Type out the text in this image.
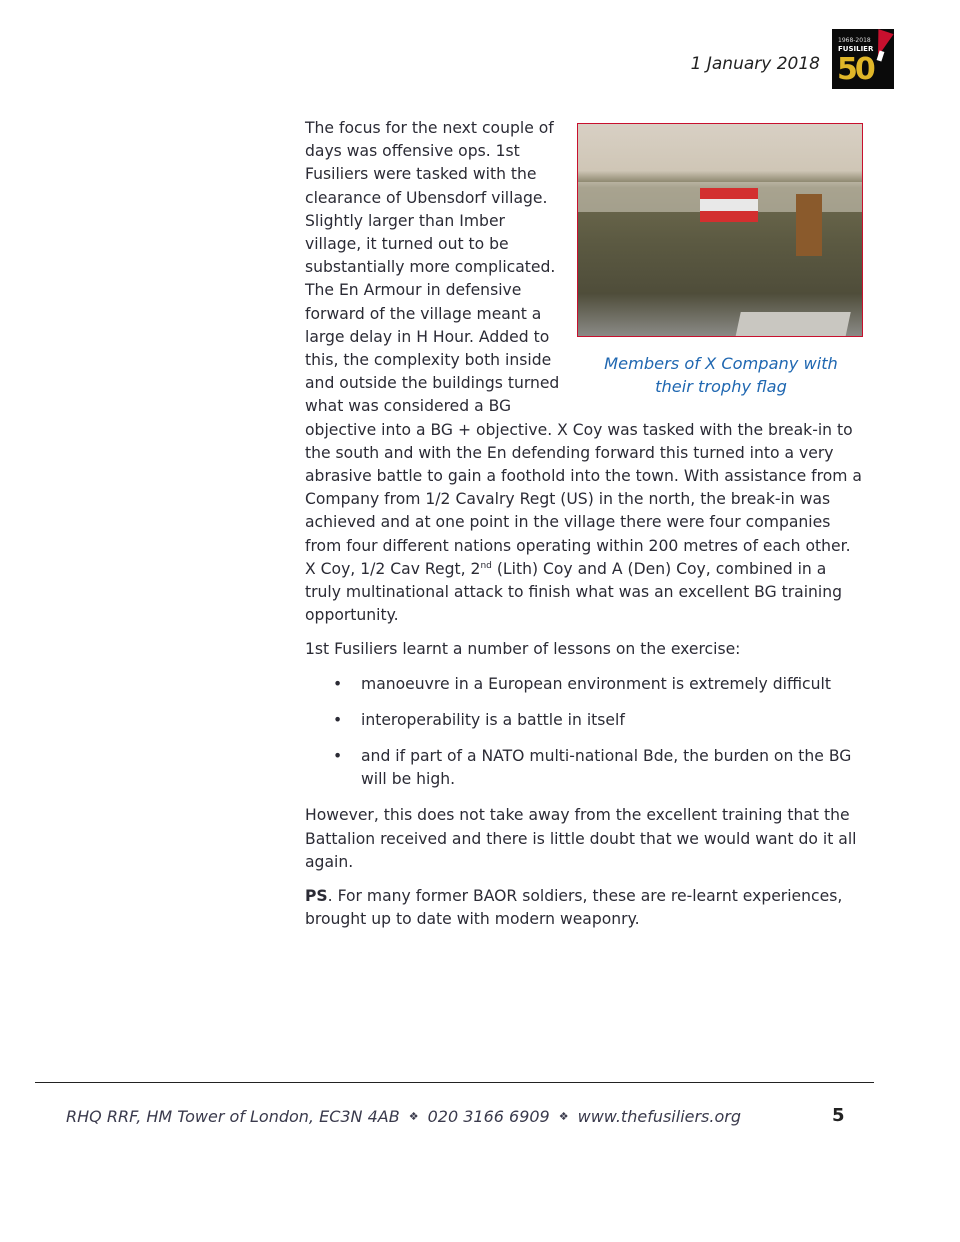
1 January 2018
1968-2018
FUSILIER
50
Members of X Company with
their trophy flag

The focus for the next couple of days was offensive ops. 1st Fusiliers were tasked with the clearance of Ubensdorf village. Slightly larger than Imber village, it turned out to be substantially more complicated. The En Armour in defensive forward of the village meant a large delay in H Hour. Added to this, the complexity both inside and outside the buildings turned what was considered a BG objective into a BG + objective. X Coy was tasked with the break-in to the south and with the En defending forward this turned into a very abrasive battle to gain a foothold into the town. With assistance from a Company from 1/2 Cavalry Regt (US) in the north, the break-in was achieved and at one point in the village there were four companies from four different nations operating within 200 metres of each other. X Coy, 1/2 Cav Regt, 2nd (Lith) Coy and A (Den) Coy, combined in a truly multinational attack to finish what was an excellent BG training opportunity.

1st Fusiliers learnt a number of lessons on the exercise:

• manoeuvre in a European environment is extremely difficult
• interoperability is a battle in itself
• and if part of a NATO multi-national Bde, the burden on the BG will be high.

However, this does not take away from the excellent training that the Battalion received and there is little doubt that we would want do it all again.

PS. For many former BAOR soldiers, these are re-learnt experiences, brought up to date with modern weaponry.

RHQ RRF, HM Tower of London, EC3N 4AB ❖ 020 3166 6909 ❖ www.thefusiliers.org	5
